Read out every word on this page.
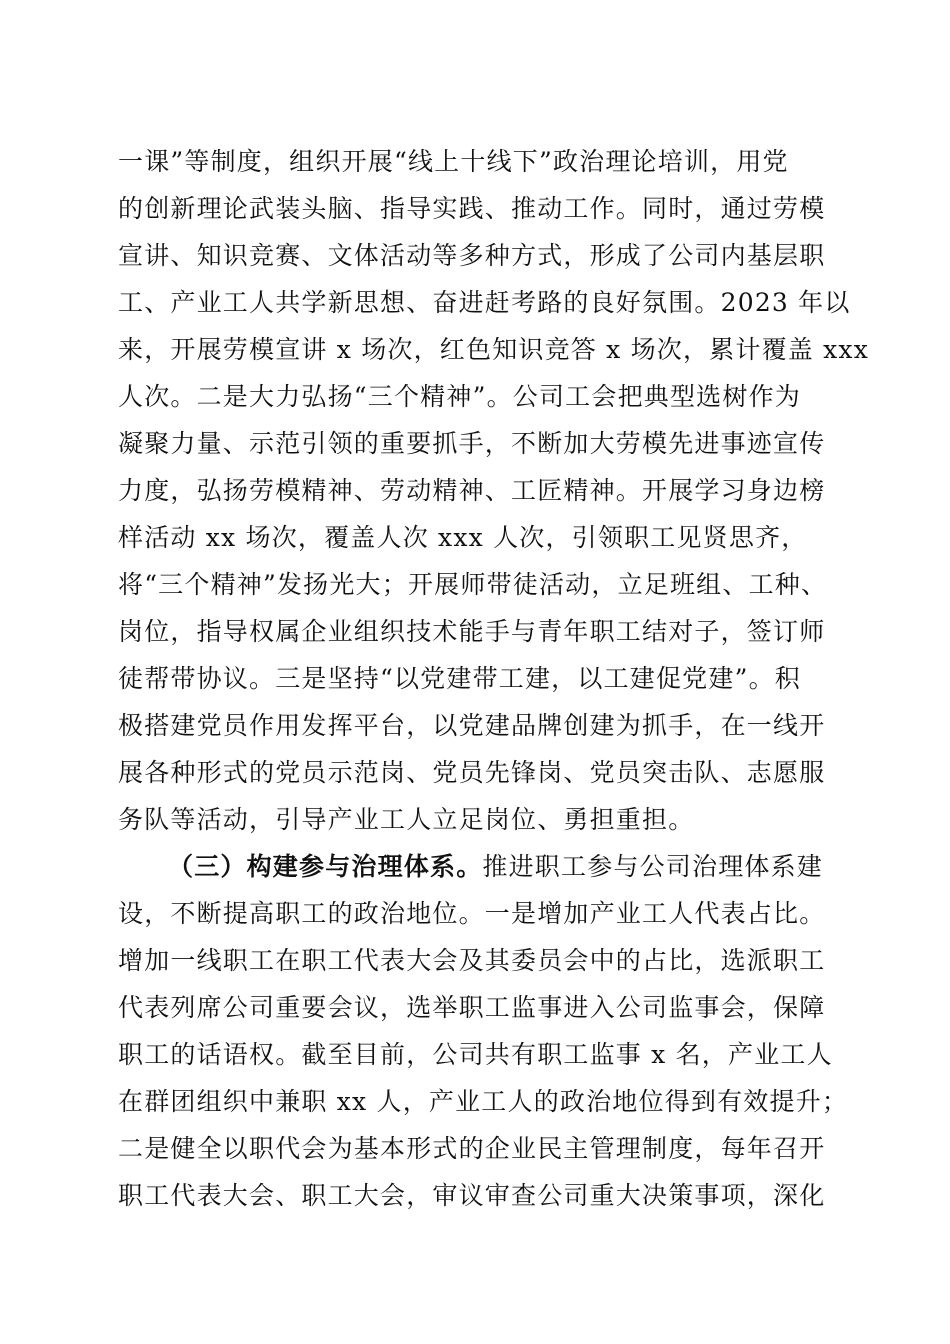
一课”等制度，组织开展“线上十线下”政治理论培训，用党
的创新理论武装头脑、指导实践、推动工作。同时，通过劳模
宣讲、知识竞赛、文体活动等多种方式，形成了公司内基层职
工、产业工人共学新思想、奋进赶考路的良好氛围。2023 年以
来，开展劳模宣讲 x 场次，红色知识竞答 x 场次，累计覆盖 xxx
人次。二是大力弘扬“三个精神”。公司工会把典型选树作为
凝聚力量、示范引领的重要抓手，不断加大劳模先进事迹宣传
力度，弘扬劳模精神、劳动精神、工匠精神。开展学习身边榜
样活动 xx 场次，覆盖人次 xxx 人次，引领职工见贤思齐，
将“三个精神”发扬光大；开展师带徒活动，立足班组、工种、
岗位，指导权属企业组织技术能手与青年职工结对子，签订师
徒帮带协议。三是坚持“以党建带工建，以工建促党建”。积
极搭建党员作用发挥平台，以党建品牌创建为抓手，在一线开
展各种形式的党员示范岗、党员先锋岗、党员突击队、志愿服
务队等活动，引导产业工人立足岗位、勇担重担。
（三）构建参与治理体系。推进职工参与公司治理体系建
设，不断提高职工的政治地位。一是增加产业工人代表占比。
增加一线职工在职工代表大会及其委员会中的占比，选派职工
代表列席公司重要会议，选举职工监事进入公司监事会，保障
职工的话语权。截至目前，公司共有职工监事 x 名，产业工人
在群团组织中兼职 xx 人，产业工人的政治地位得到有效提升；
二是健全以职代会为基本形式的企业民主管理制度，每年召开
职工代表大会、职工大会，审议审查公司重大决策事项，深化
